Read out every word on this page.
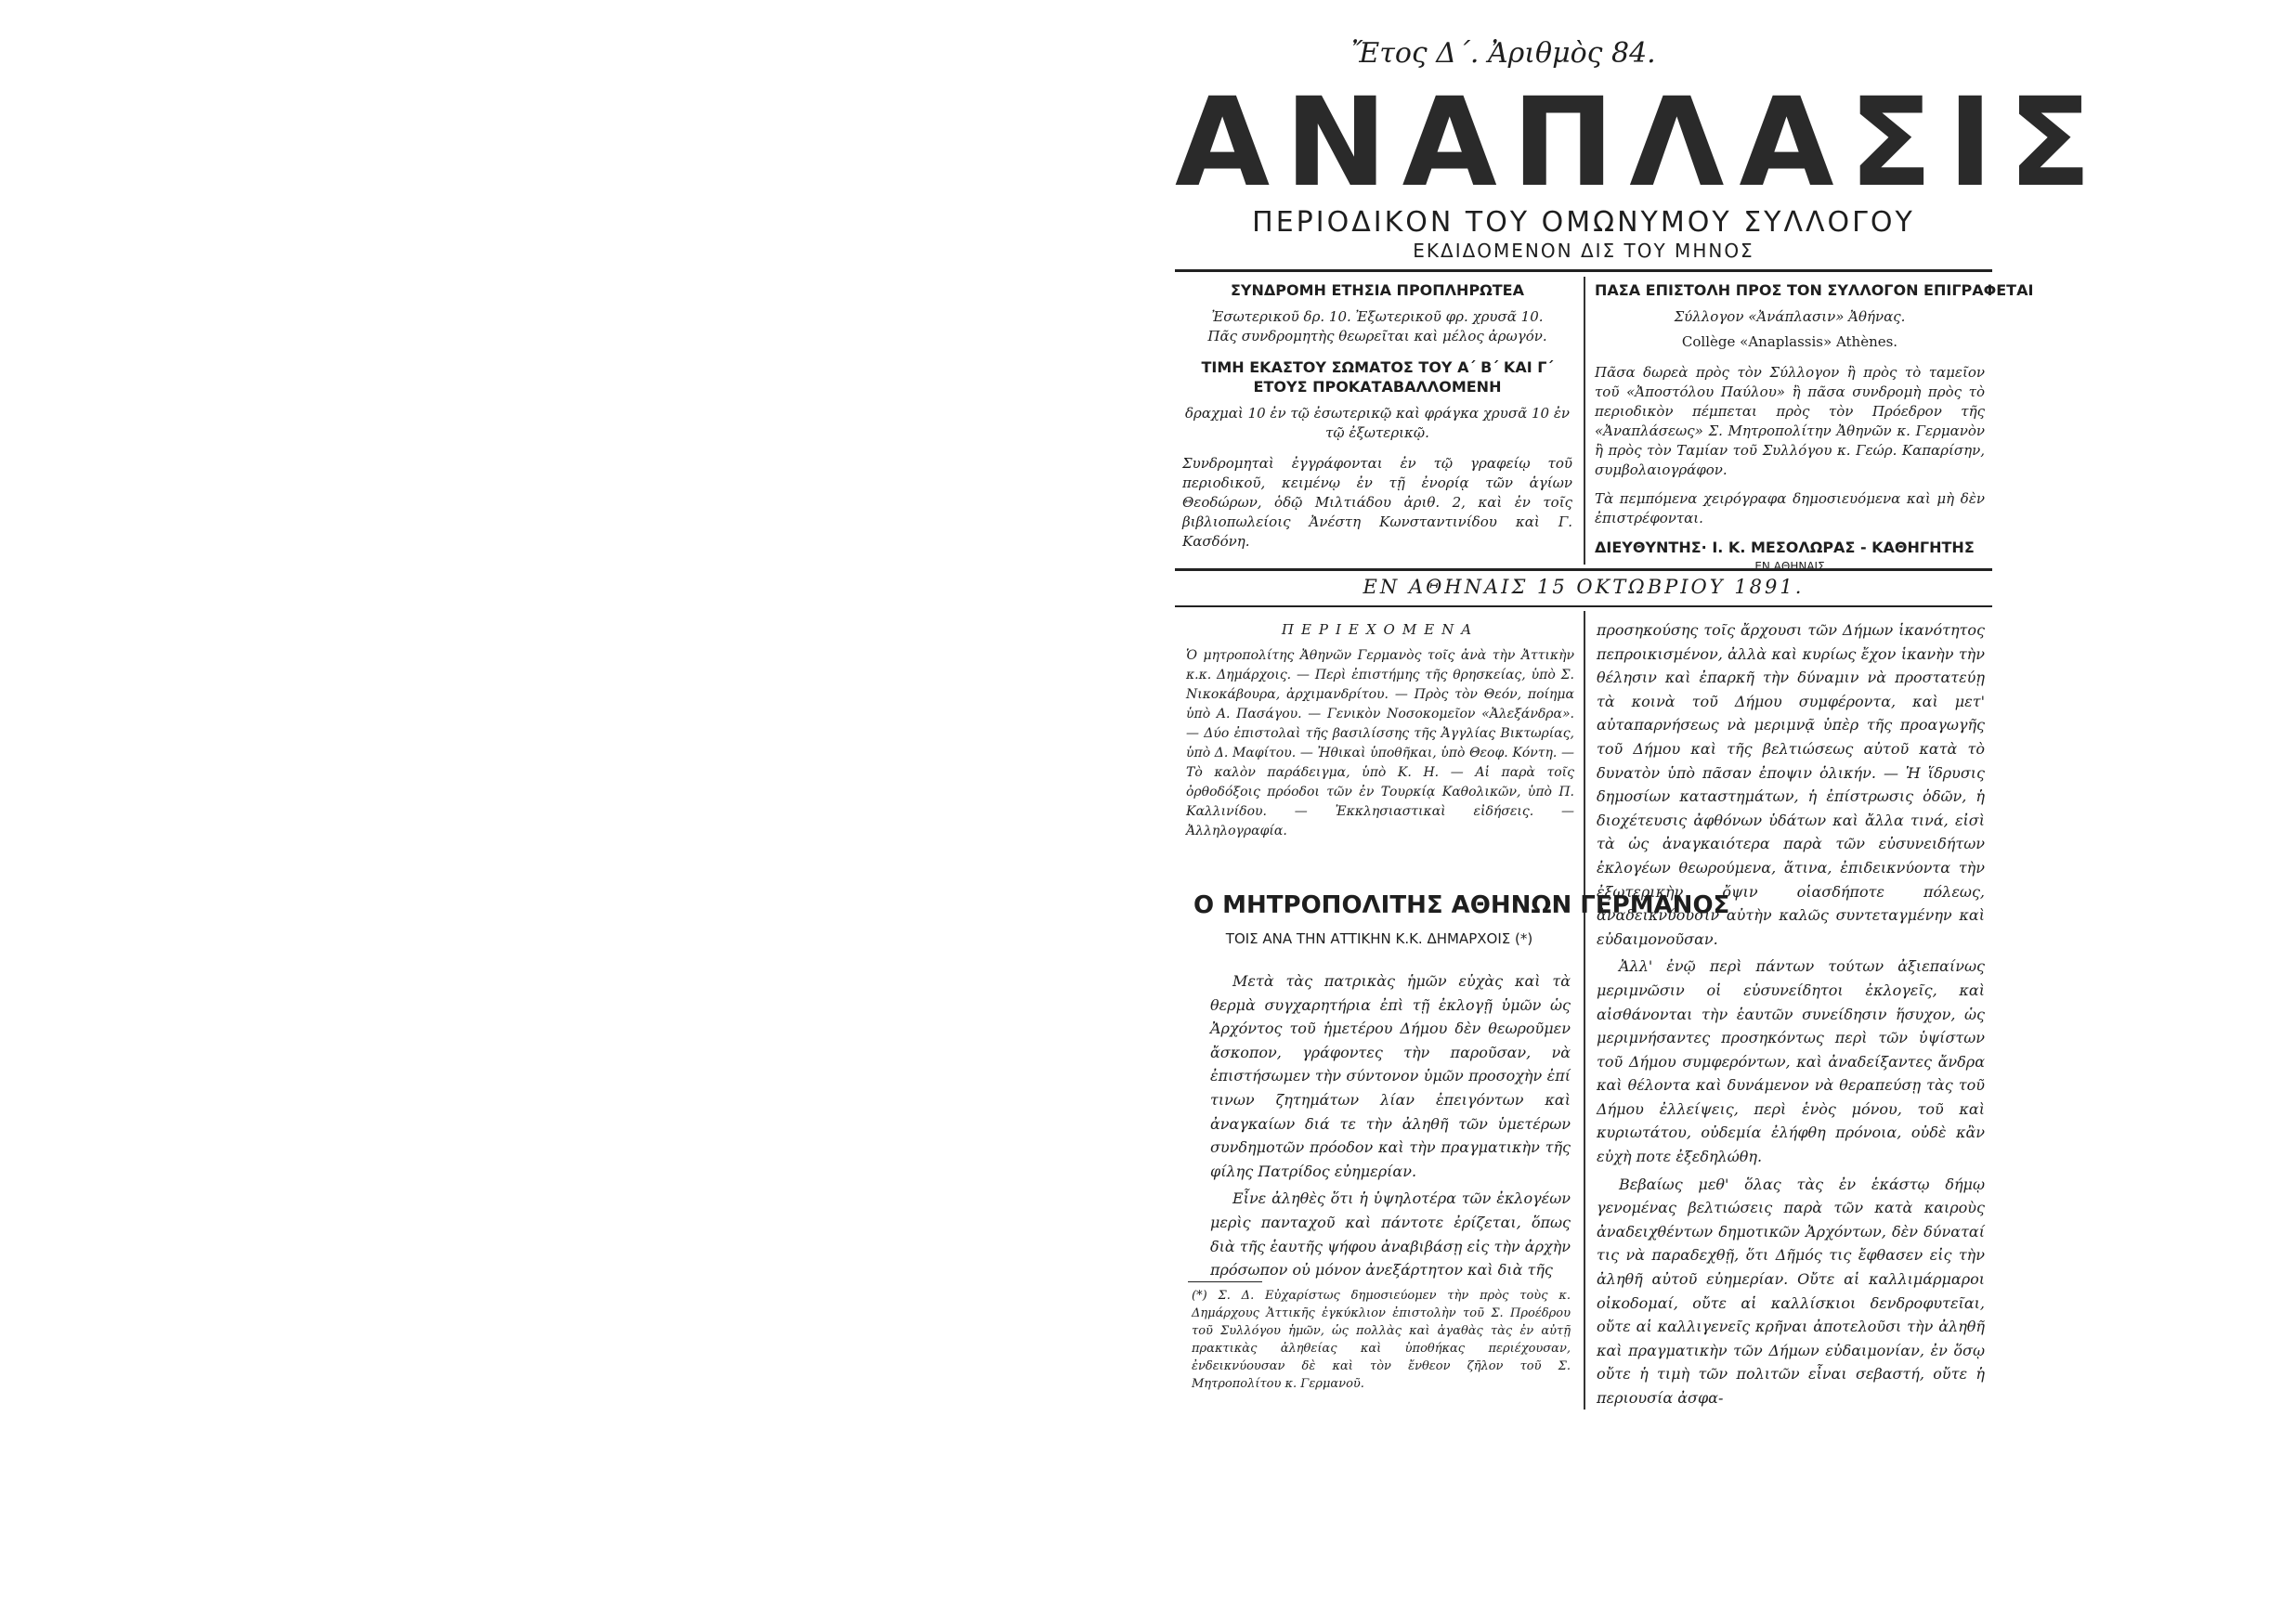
Ἔτος Δ΄. Ἀριθμὸς 84.
ΑΝΑΠΛΑΣΙΣ
ΠΕΡΙΟΔΙΚΟΝ ΤΟΥ ΟΜΩΝΥΜΟΥ ΣΥΛΛΟΓΟΥ
ΕΚΔΙΔΟΜΕΝΟΝ ΔΙΣ ΤΟΥ ΜΗΝΟΣ
ΣΥΝΔΡΟΜΗ ΕΤΗΣΙΑ ΠΡΟΠΛΗΡΩΤΕΑ
Ἐσωτερικοῦ δρ. 10. Ἐξωτερικοῦ φρ. χρυσᾶ 10.
Πᾶς συνδρομητὴς θεωρεῖται καὶ μέλος ἀρωγόν.
ΤΙΜΗ ΕΚΑΣΤΟΥ ΣΩΜΑΤΟΣ ΤΟΥ Α΄ Β΄ ΚΑΙ Γ΄
ΕΤΟΥΣ ΠΡΟΚΑΤΑΒΑΛΛΟΜΕΝΗ
δραχμαὶ 10 ἐν τῷ ἐσωτερικῷ καὶ φράγκα χρυσᾶ 10 ἐν τῷ ἐξωτερικῷ.
Συνδρομηταὶ ἐγγράφονται ἐν τῷ γραφείῳ τοῦ περιοδικοῦ, κειμένῳ ἐν τῇ ἐνορίᾳ τῶν ἁγίων Θεοδώρων, ὁδῷ Μιλτιάδου ἀριθ. 2, καὶ ἐν τοῖς βιβλιοπωλείοις Ἀνέστη Κωνσταντινίδου καὶ Γ. Κασδόνη.
ΠΑΣΑ ΕΠΙΣΤΟΛΗ ΠΡΟΣ ΤΟΝ ΣΥΛΛΟΓΟΝ ΕΠΙΓΡΑΦΕΤΑΙ
Σύλλογον «Ἀνάπλασιν» Ἀθήνας.
Collège «Anaplassis» Athènes.
Πᾶσα δωρεὰ πρὸς τὸν Σύλλογον ἢ πρὸς τὸ ταμεῖον τοῦ «Ἀποστόλου Παύλου» ἢ πᾶσα συνδρομὴ πρὸς τὸ περιοδικὸν πέμπεται πρὸς τὸν Πρόεδρον τῆς «Ἀναπλάσεως» Σ. Μητροπολίτην Ἀθηνῶν κ. Γερμανὸν ἢ πρὸς τὸν Ταμίαν τοῦ Συλλόγου κ. Γεώρ. Καπαρίσην, συμβολαιογράφον.
Τὰ πεμπόμενα χειρόγραφα δημοσιευόμενα καὶ μὴ δὲν ἐπιστρέφονται.
ΔΙΕΥΘΥΝΤΗΣ· Ι. Κ. ΜΕΣΟΛΩΡΑΣ - ΚΑΘΗΓΗΤΗΣ
ΕΝ ΑΘΗΝΑΙΣ
ΕΝ ΑΘΗΝΑΙΣ 15 ΟΚΤΩΒΡΙΟΥ 1891.
ΠΕΡΙΕΧΟΜΕΝΑ
Ὁ μητροπολίτης Ἀθηνῶν Γερμανὸς τοῖς ἀνὰ τὴν Ἀττικὴν κ.κ. Δημάρχοις. — Περὶ ἐπιστήμης τῆς θρησκείας, ὑπὸ Σ. Νικοκάβουρα, ἀρχιμανδρίτου. — Πρὸς τὸν Θεόν, ποίημα ὑπὸ Α. Πασάγου. — Γενικὸν Νοσοκομεῖον «Ἀλεξάνδρα». — Δύο ἐπιστολαὶ τῆς βασιλίσσης τῆς Ἀγγλίας Βικτωρίας, ὑπὸ Δ. Μαφίτου. — Ἠθικαὶ ὑποθῆκαι, ὑπὸ Θεοφ. Κόντη. — Τὸ καλὸν παράδειγμα, ὑπὸ Κ. Η. — Αἱ παρὰ τοῖς ὀρθοδόξοις πρόοδοι τῶν ἐν Τουρκίᾳ Καθολικῶν, ὑπὸ Π. Καλλινίδου. — Ἐκκλησιαστικαὶ εἰδήσεις. — Ἀλληλογραφία.
Ο ΜΗΤΡΟΠΟΛΙΤΗΣ ΑΘΗΝΩΝ ΓΕΡΜΑΝΟΣ
ΤΟΙΣ ΑΝΑ ΤΗΝ ΑΤΤΙΚΗΝ Κ.Κ. ΔΗΜΑΡΧΟΙΣ (*)

Μετὰ τὰς πατρικὰς ἡμῶν εὐχὰς καὶ τὰ θερμὰ συγχαρητήρια ἐπὶ τῇ ἐκλογῇ ὑμῶν ὡς Ἀρχόντος τοῦ ἡμετέρου Δήμου δὲν θεωροῦμεν ἄσκοπον, γράφοντες τὴν παροῦσαν, νὰ ἐπιστήσωμεν τὴν σύντονον ὑμῶν προσοχὴν ἐπί τινων ζητημάτων λίαν ἐπειγόντων καὶ ἀναγκαίων διά τε τὴν ἀληθῆ τῶν ὑμετέρων συνδημοτῶν πρόοδον καὶ τὴν πραγματικὴν τῆς φίλης Πατρίδος εὐημερίαν.

Εἶνε ἀληθὲς ὅτι ἡ ὑψηλοτέρα τῶν ἐκλογέων μερὶς πανταχοῦ καὶ πάντοτε ἐρίζεται, ὅπως διὰ τῆς ἑαυτῆς ψήφου ἀναβιβάσῃ εἰς τὴν ἀρχὴν πρόσωπον οὐ μόνον ἀνεξάρτητον καὶ διὰ τῆς

(*) Σ. Δ. Εὐχαρίστως δημοσιεύομεν τὴν πρὸς τοὺς κ. Δημάρχους Ἀττικῆς ἐγκύκλιον ἐπιστολὴν τοῦ Σ. Προέδρου τοῦ Συλλόγου ἡμῶν, ὡς πολλὰς καὶ ἀγαθὰς τὰς ἐν αὐτῇ πρακτικὰς ἀληθείας καὶ ὑποθήκας περιέχουσαν, ἐνδεικνύουσαν δὲ καὶ τὸν ἔνθεον ζῆλον τοῦ Σ. Μητροπολίτου κ. Γερμανοῦ.

προσηκούσης τοῖς ἄρχουσι τῶν Δήμων ἱκανότητος πεπροικισμένον, ἀλλὰ καὶ κυρίως ἔχον ἱκανὴν τὴν θέλησιν καὶ ἐπαρκῆ τὴν δύναμιν νὰ προστατεύῃ τὰ κοινὰ τοῦ Δήμου συμφέροντα, καὶ μετ' αὐταπαρνήσεως νὰ μεριμνᾷ ὑπὲρ τῆς προαγωγῆς τοῦ Δήμου καὶ τῆς βελτιώσεως αὐτοῦ κατὰ τὸ δυνατὸν ὑπὸ πᾶσαν ἐποψιν ὁλικήν. — Ἡ ἵδρυσις δημοσίων καταστημάτων, ἡ ἐπίστρωσις ὁδῶν, ἡ διοχέτευσις ἀφθόνων ὑδάτων καὶ ἄλλα τινά, εἰσὶ τὰ ὡς ἀναγκαιότερα παρὰ τῶν εὐσυνειδήτων ἐκλογέων θεωρούμενα, ἅτινα, ἐπιδεικνύοντα τὴν ἐξωτερικὴν ὄψιν οἱασδήποτε πόλεως, ἀναδεικνύουσιν αὐτὴν καλῶς συντεταγμένην καὶ εὐδαιμονοῦσαν.

Ἀλλ' ἐνῷ περὶ πάντων τούτων ἀξιεπαίνως μεριμνῶσιν οἱ εὐσυνείδητοι ἐκλογεῖς, καὶ αἰσθάνονται τὴν ἑαυτῶν συνείδησιν ἥσυχον, ὡς μεριμνήσαντες προσηκόντως περὶ τῶν ὑψίστων τοῦ Δήμου συμφερόντων, καὶ ἀναδείξαντες ἄνδρα καὶ θέλοντα καὶ δυνάμενον νὰ θεραπεύσῃ τὰς τοῦ Δήμου ἐλλείψεις, περὶ ἑνὸς μόνου, τοῦ καὶ κυριωτάτου, οὐδεμία ἐλήφθη πρόνοια, οὐδὲ κἂν εὐχὴ ποτε ἐξεδηλώθη.

Βεβαίως μεθ' ὅλας τὰς ἐν ἑκάστῳ δήμῳ γενομένας βελτιώσεις παρὰ τῶν κατὰ καιροὺς ἀναδειχθέντων δημοτικῶν Ἀρχόντων, δὲν δύναταί τις νὰ παραδεχθῇ, ὅτι Δῆμός τις ἔφθασεν εἰς τὴν ἀληθῆ αὐτοῦ εὐημερίαν. Οὔτε αἱ καλλιμάρμαροι οἰκοδομαί, οὔτε αἱ καλλίσκιοι δενδροφυτεῖαι, οὔτε αἱ καλλιγενεῖς κρῆναι ἀποτελοῦσι τὴν ἀληθῆ καὶ πραγματικὴν τῶν Δήμων εὐδαιμονίαν, ἐν ὅσῳ οὔτε ἡ τιμὴ τῶν πολιτῶν εἶναι σεβαστή, οὔτε ἡ περιουσία ἀσφα-
